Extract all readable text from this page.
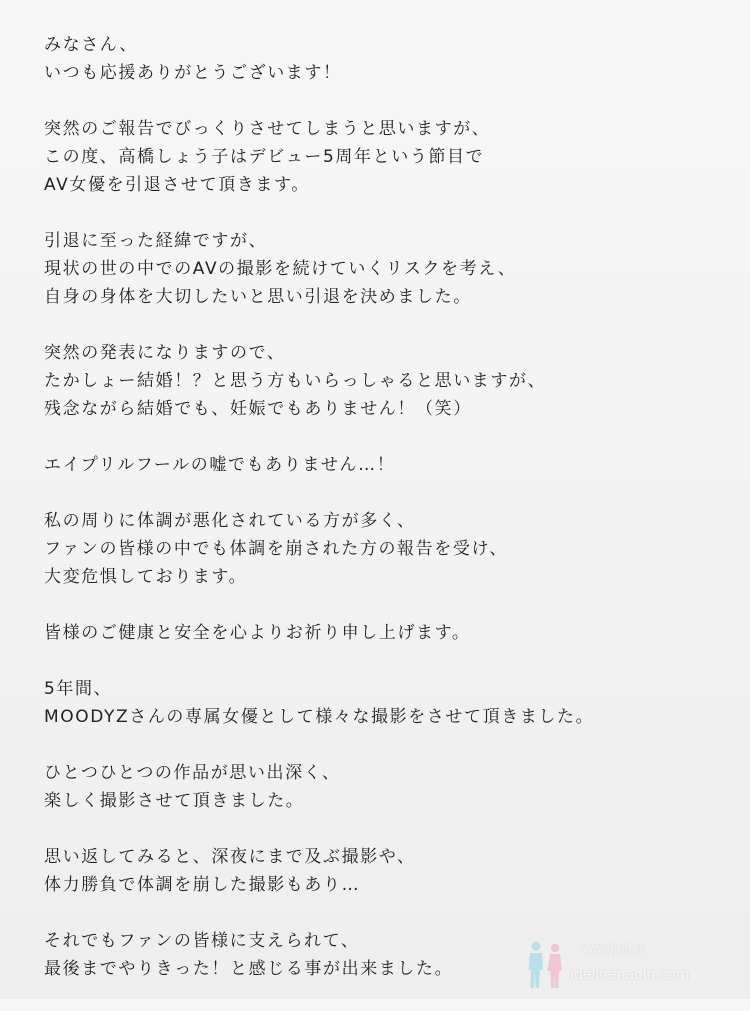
みなさん、
いつも応援ありがとうございます！
突然のご報告でびっくりさせてしまうと思いますが、
この度、高橋しょう子はデビュー5周年という節目で
AV女優を引退させて頂きます。
引退に至った経緯ですが、
現状の世の中でのAVの撮影を続けていくリスクを考え、
自身の身体を大切したいと思い引退を決めました。
突然の発表になりますので、
たかしょー結婚！？と思う方もいらっしゃると思いますが、
残念ながら結婚でも、妊娠でもありません！（笑）
エイプリルフールの嘘でもありません…！
私の周りに体調が悪化されている方が多く、
ファンの皆様の中でも体調を崩された方の報告を受け、
大変危惧しております。
皆様のご健康と安全を心よりお祈り申し上げます。
5年間、
MOODYZさんの専属女優として様々な撮影をさせて頂きました。
ひとつひとつの作品が思い出深く、
楽しく撮影させて頂きました。
思い返してみると、深夜にまで及ぶ撮影や、
体力勝負で体調を崩した撮影もあり…
それでもファンの皆様に支えられて、
最後までやりきった！と感じる事が出来ました。
文娱新闻社
ideliner.aolo.com
